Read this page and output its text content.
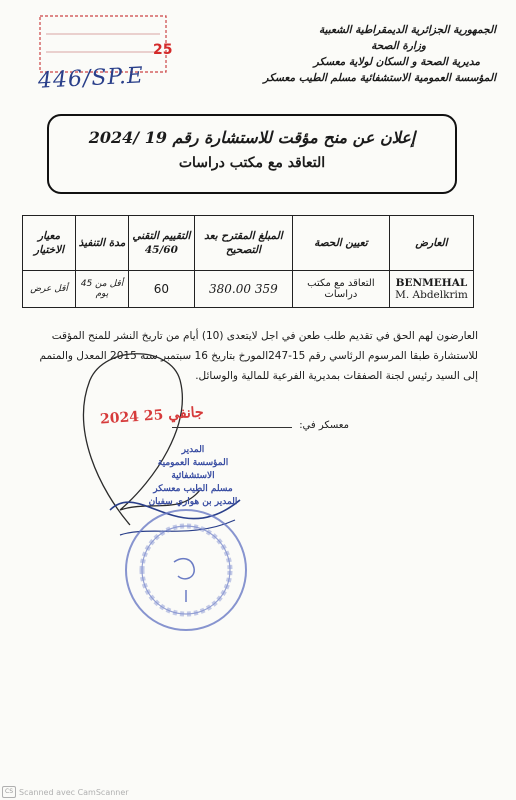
الجمهورية الجزائرية الديمقراطية الشعبية
وزارة الصحة
مديرية الصحة و السكان لولاية معسكر
المؤسسة العمومية الاستشفائية مسلم الطيب معسكر
25
446/SP.E
إعلان عن منح مؤقت للاستشارة رقم 19 /2024
التعاقد مع مكتب دراسات
العارض	تعيين الحصة	المبلغ المقترح بعد التصحيح	التقييم التقني 45/60	مدة التنفيذ	معيار الاختيار

BENMEHAL
M. Abdelkrim	التعاقد مع مكتب دراسات	359 380.00	60	أقل من 45 يوم	أقل عرض
العارضون لهم الحق في تقديم طلب طعن في اجل لايتعدى (10) أيام من تاريخ النشر للمنح المؤقت للاستشارة طبقا المرسوم الرئاسي رقم 15-247المورخ بتاريخ 16 سبتمبر سنة 2015 المعدل والمتمم إلى السيد رئيس لجنة الصفقات بمديرية الفرعية للمالية والوسائل.
معسكر في:
2024 جانفي 25
المدير
المؤسسة العمومية الاستشفائية
مسلم الطيب معسكر
المدير بن هواري سفيان
CS Scanned avec CamScanner
